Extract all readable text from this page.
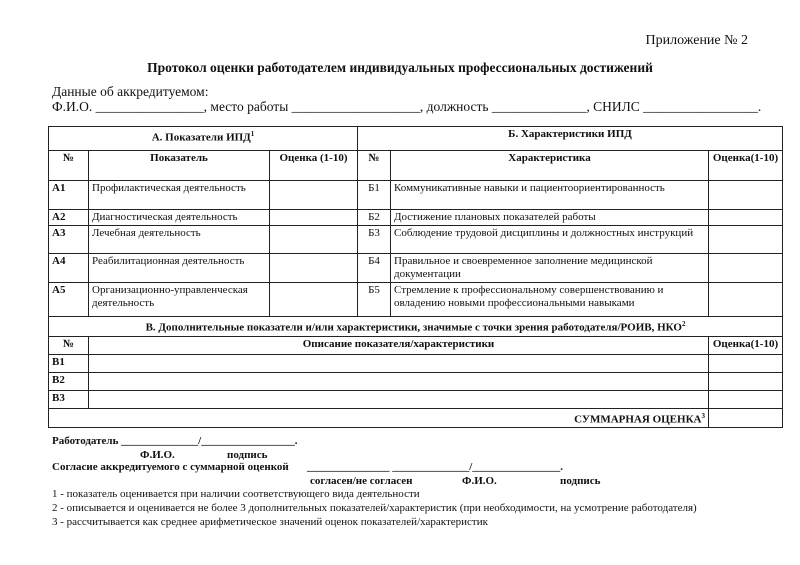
Приложение № 2
Протокол оценки работодателем индивидуальных профессиональных достижений
Данные об аккредитуемом:
Ф.И.О. ________________, место работы ___________________, должность ______________, СНИЛС _________________.
А. Показатели ИПД$^1$			Б. Характеристики ИПД		
№	Показатель	Оценка (1-10)	№	Характеристика	Оценка(1-10)
А1	Профилактическая деятельность		Б1	Коммуникативные навыки и пациентоориентированность	
А2	Диагностическая деятельность		Б2	Достижение плановых показателей работы	
А3	Лечебная деятельность		Б3	Соблюдение трудовой дисциплины и должностных инструкций	
А4	Реабилитационная деятельность		Б4	Правильное и своевременное заполнение медицинской документации	
А5	Организационно-управленческая деятельность		Б5	Стремление к профессиональному совершенствованию и овладению новыми профессиональными навыками	
В. Дополнительные показатели и/или характеристики, значимые с точки зрения работодателя/РОИВ, НКО$^2$
№	Описание показателя/характеристики				Оценка(1-10)
В1					
В2					
В3					
СУММАРНАЯ ОЦЕНКА$^3$	
Работодатель ______________/_________________.
Ф.И.О.	подпись
Согласие аккредитуемого с суммарной оценкой _______________ ______________/________________.
согласен/не согласен	Ф.И.О.	подпись
1 - показатель оценивается при наличии соответствующего вида деятельности
2 - описывается и оценивается не более 3 дополнительных показателей/характеристик (при необходимости, на усмотрение работодателя)
3 - рассчитывается как среднее арифметическое значений оценок показателей/характеристик
